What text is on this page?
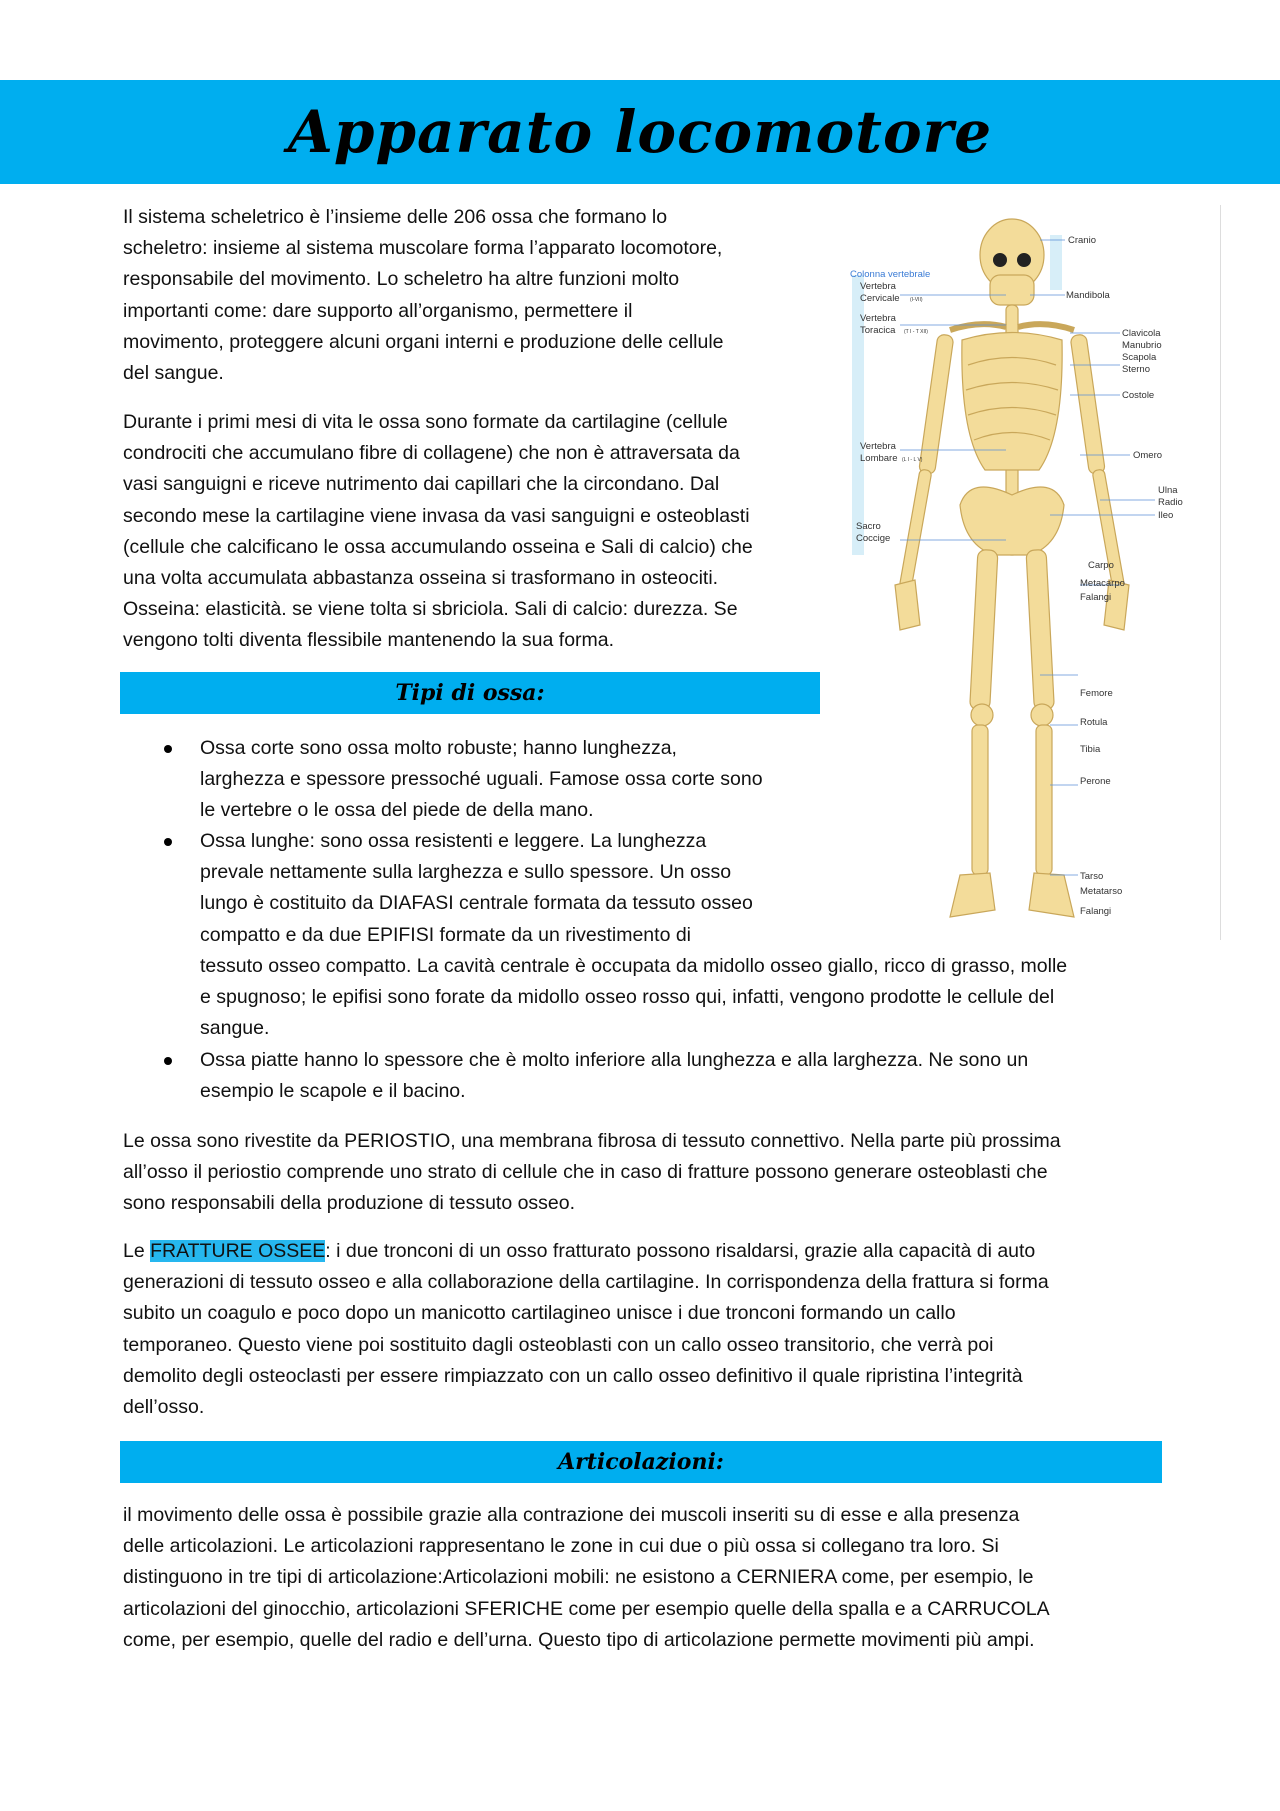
Apparato locomotore
Il sistema scheletrico è l’insieme delle 206 ossa che formano lo
scheletro: insieme al sistema muscolare forma l’apparato locomotore,
responsabile del movimento. Lo scheletro ha altre funzioni molto
importanti come: dare supporto all’organismo, permettere il
movimento, proteggere alcuni organi interni e produzione delle cellule
del sangue.
Durante i primi mesi di vita le ossa sono formate da cartilagine (cellule
condrociti che accumulano fibre di collagene) che non è attraversata da
vasi sanguigni e riceve nutrimento dai capillari che la circondano. Dal
secondo mese la cartilagine viene invasa da vasi sanguigni e osteoblasti
(cellule che calcificano le ossa accumulando osseina e Sali di calcio) che
una volta accumulata abbastanza osseina si trasformano in osteociti.
Osseina: elasticità. se viene tolta si sbriciola. Sali di calcio: durezza. Se
vengono tolti diventa flessibile mantenendo la sua forma.
Tipi di ossa:
Ossa corte sono ossa molto robuste; hanno lunghezza,
larghezza e spessore pressoché uguali. Famose ossa corte sono
le vertebre o le ossa del piede de della mano.
Ossa lunghe: sono ossa resistenti e leggere. La lunghezza
prevale nettamente sulla larghezza e sullo spessore. Un osso
lungo è costituito da DIAFASI centrale formata da tessuto osseo
compatto e da due EPIFISI formate da un rivestimento di
tessuto osseo compatto. La cavità centrale è occupata da midollo osseo giallo, ricco di grasso, molle
e spugnoso; le epifisi sono forate da midollo osseo rosso qui, infatti, vengono prodotte le cellule del
sangue.
Ossa piatte hanno lo spessore che è molto inferiore alla lunghezza e alla larghezza. Ne sono un
esempio le scapole e il bacino.
Le ossa sono rivestite da PERIOSTIO, una membrana fibrosa di tessuto connettivo. Nella parte più prossima
all’osso il periostio comprende uno strato di cellule che in caso di fratture possono generare osteoblasti che
sono responsabili della produzione di tessuto osseo.
Le FRATTURE OSSEE: i due tronconi di un osso fratturato possono risaldarsi, grazie alla capacità di auto
generazioni di tessuto osseo e alla collaborazione della cartilagine. In corrispondenza della frattura si forma
subito un coagulo e poco dopo un manicotto cartilagineo unisce i due tronconi formando un callo
temporaneo. Questo viene poi sostituito dagli osteoblasti con un callo osseo transitorio, che verrà poi
demolito degli osteoclasti per essere rimpiazzato con un callo osseo definitivo il quale ripristina l’integrità
dell’osso.
Articolazioni:
il movimento delle ossa è possibile grazie alla contrazione dei muscoli inseriti su di esse e alla presenza
delle articolazioni. Le articolazioni rappresentano le zone in cui due o più ossa si collegano tra loro. Si
distinguono in tre tipi di articolazione:Articolazioni mobili: ne esistono a CERNIERA come, per esempio, le
articolazioni del ginocchio, articolazioni SFERICHE come per esempio quelle della spalla e a CARRUCOLA
come, per esempio, quelle del radio e dell’urna. Questo tipo di articolazione permette movimenti più ampi.
Colonna vertebrale
Vertebra
Cervicale (I-VII)
Vertebra
Toracica (T I - T XII)
Vertebra
Lombare (L I - L V)
Sacro
Coccige
Cranio
Mandibola
Clavicola
Manubrio
Scapola
Sterno
Costole
Omero
Ulna
Radio
Ileo
Carpo
Metacarpo
Falangi
Femore
Rotula
Tibia
Perone
Tarso
Metatarso
Falangi
